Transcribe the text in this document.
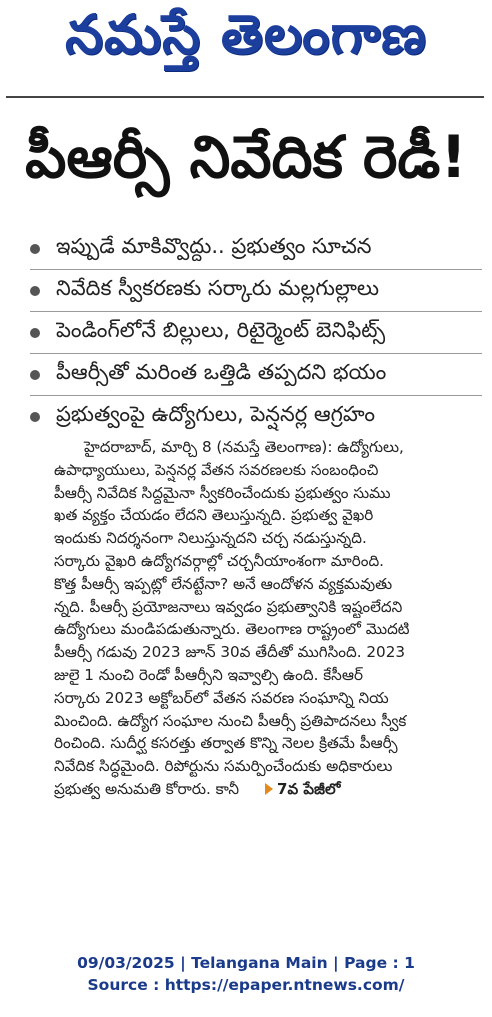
నమస్తే తెలంగాణ
పీఆర్సీ నివేదిక రెడీ!
ఇప్పుడే మాకివ్వొద్దు.. ప్రభుత్వం సూచన
నివేదిక స్వీకరణకు సర్కారు మల్లగుల్లాలు
పెండింగ్‌లోనే బిల్లులు, రిటైర్మెంట్ బెనిఫిట్స్
పీఆర్సీతో మరింత ఒత్తిడి తప్పదని భయం
ప్రభుత్వంపై ఉద్యోగులు, పెన్షనర్ల ఆగ్రహం
హైదరాబాద్, మార్చి 8 (నమస్తే తెలంగాణ): ఉద్యోగులు,
ఉపాధ్యాయులు, పెన్షనర్ల వేతన సవరణలకు సంబంధించి
పీఆర్సీ నివేదిక సిద్ధమైనా స్వీకరించేందుకు ప్రభుత్వం సుము
ఖత వ్యక్తం చేయడం లేదని తెలుస్తున్నది. ప్రభుత్వ వైఖరి
ఇందుకు నిదర్శనంగా నిలుస్తున్నదని చర్చ నడుస్తున్నది.
సర్కారు వైఖరి ఉద్యోగవర్గాల్లో చర్చనీయాంశంగా మారింది.
కొత్త పీఆర్సీ ఇప్పట్లో లేనట్టేనా? అనే ఆందోళన వ్యక్తమవుతు
న్నది. పీఆర్సీ ప్రయోజనాలు ఇవ్వడం ప్రభుత్వానికి ఇష్టంలేదని
ఉద్యోగులు మండిపడుతున్నారు. తెలంగాణ రాష్ట్రంలో మొదటి
పీఆర్సీ గడువు 2023 జూన్ 30వ తేదీతో ముగిసింది. 2023
జులై 1 నుంచి రెండో పీఆర్సీని ఇవ్వాల్సి ఉంది. కేసీఆర్
సర్కారు 2023 అక్టోబర్‌లో వేతన సవరణ సంఘాన్ని నియ
మించింది. ఉద్యోగ సంఘాల నుంచి పీఆర్సీ ప్రతిపాదనలు స్వీక
రించింది. సుదీర్ఘ కసరత్తు తర్వాత కొన్ని నెలల క్రితమే పీఆర్సీ
నివేదిక సిద్ధమైంది. రిపోర్టును సమర్పించేందుకు అధికారులు
ప్రభుత్వ అనుమతి కోరారు. కానీ	7వ పేజీలో
09/03/2025 | Telangana Main | Page : 1
Source : https://epaper.ntnews.com/
